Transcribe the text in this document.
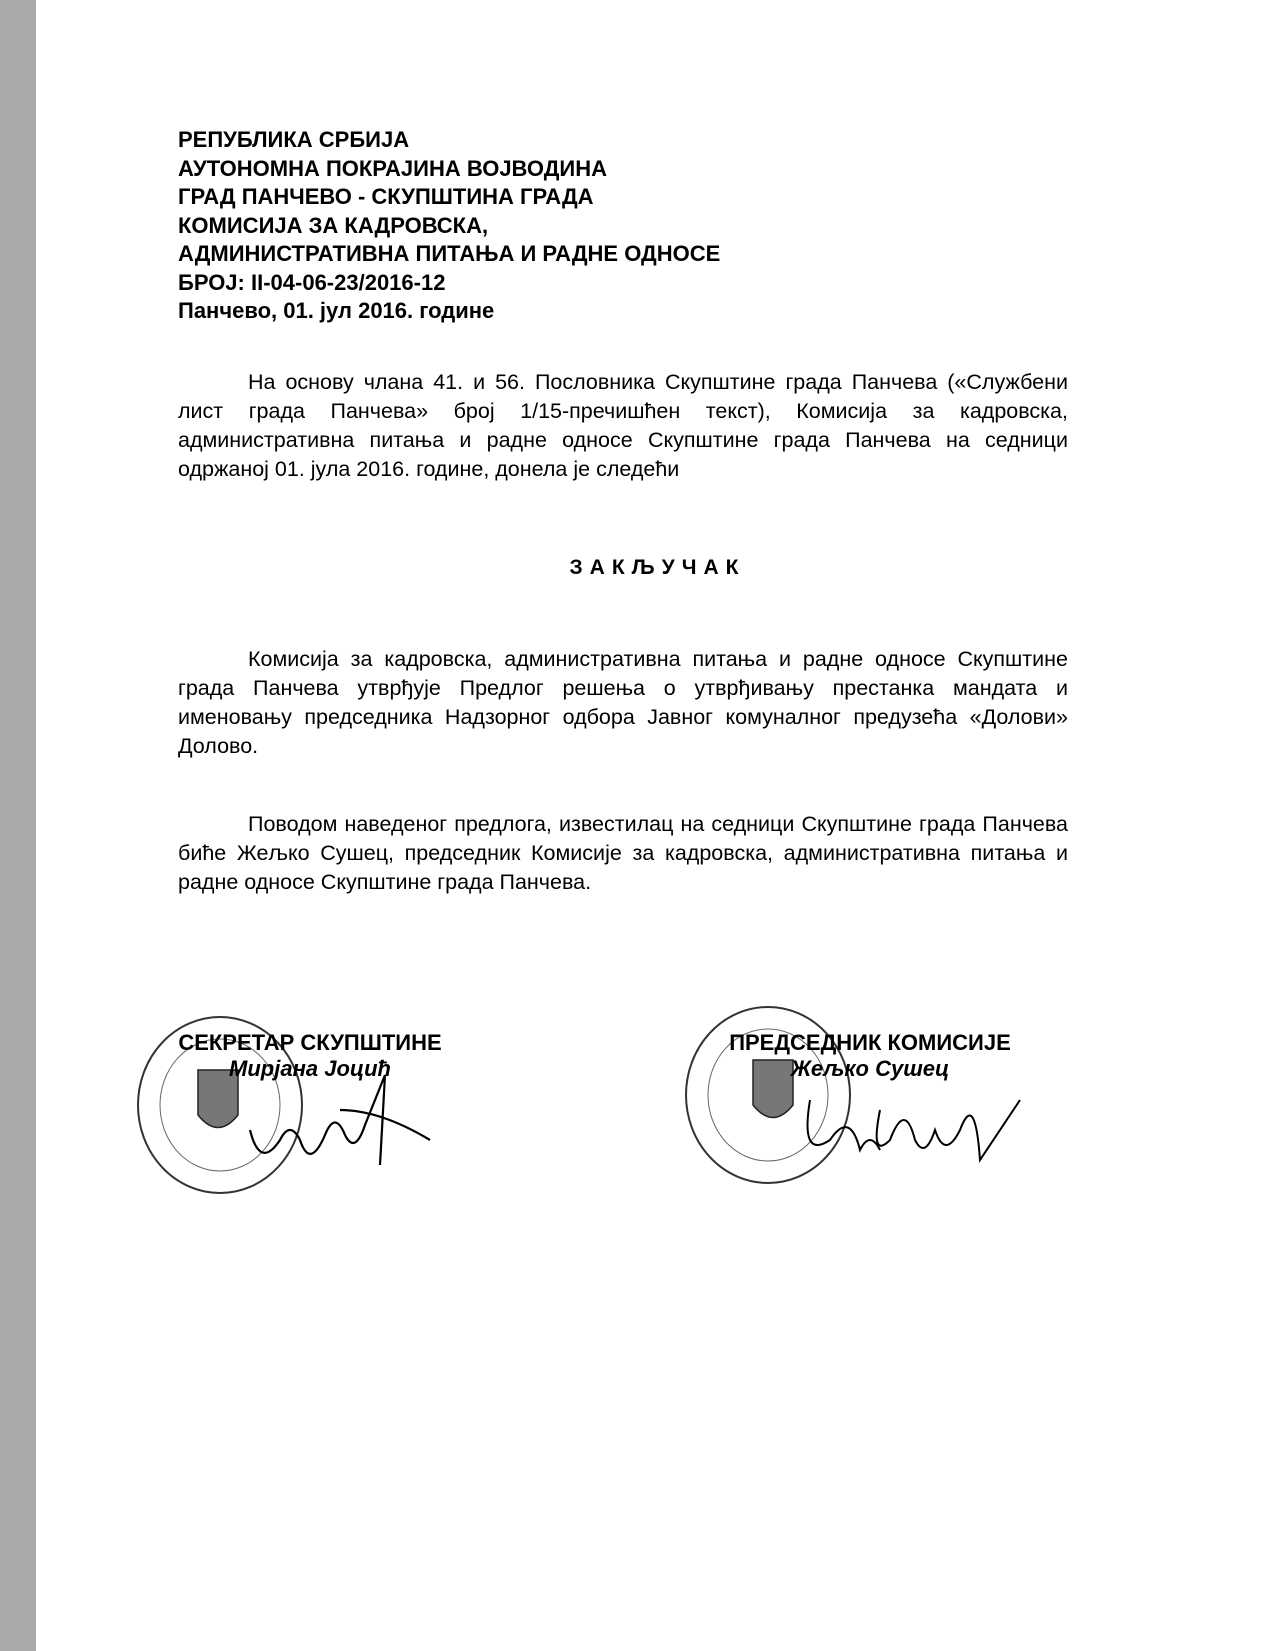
РЕПУБЛИКА СРБИЈА
АУТОНОМНА ПОКРАЈИНА ВОЈВОДИНА
ГРАД ПАНЧЕВО - СКУПШТИНА ГРАДА
КОМИСИЈА ЗА КАДРОВСКА,
АДМИНИСТРАТИВНА ПИТАЊА И РАДНЕ ОДНОСЕ
БРОЈ: II-04-06-23/2016-12
Панчево, 01. јул 2016. године
На основу члана 41. и 56. Пословника Скупштине града Панчева («Службени лист града Панчева» број 1/15-пречишћен текст), Комисија за кадровска, административна питања и радне односе Скупштине града Панчева на седници одржаној 01. јула 2016. године, донела је следећи
ЗАКЉУЧАК
Комисија за кадровска, административна питања и радне односе Скупштине града Панчева утврђује Предлог решења о утврђивању престанка мандата и именовању председника Надзорног одбора Јавног комуналног предузећа «Долови» Долово.
Поводом наведеног предлога, известилац на седници Скупштине града Панчева биће Жељко Сушец, председник Комисије за кадровска, административна питања и радне односе Скупштине града Панчева.
СЕКРЕТАР СКУПШТИНЕ
Мирјана Јоцић
ПРЕДСЕДНИК КОМИСИЈЕ
Жељко Сушец
